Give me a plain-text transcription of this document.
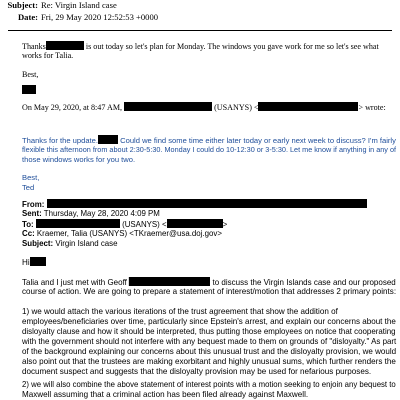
Subject: Re: Virgin Island case
Date: Fri, 29 May 2020 12:52:53 +0000
Thanks	is out today so let's plan for Monday. The windows you gave work for me so let's see what
works for Talia.
Best,
On May 29, 2020, at 8:47 AM,	(USANYS) <	> wrote:
Thanks for the update.	Could we find some time either later today or early next week to discuss? I'm fairly
flexible this afternoon from about 2:30-5:30. Monday I could do 10-12:30 or 3-5:30. Let me know if anything in any of
those windows works for you two.
Best,
Ted
From:
Sent: Thursday, May 28, 2020 4:09 PM
To:	(USANYS) <	>
Cc: Kraemer, Talia (USANYS) <TKraemer@usa.doj.gov>
Subject: Virgin Island case
Hi
Talia and I just met with Geoff	to discuss the Virgin Islands case and our proposed
course of action. We are going to prepare a statement of interest/motion that addresses 2 primary points:
1) we would attach the various iterations of the trust agreement that show the addition of
employees/beneficiaries over time, particularly since Epstein's arrest, and explain our concerns about the
disloyalty clause and how it should be interpreted, thus putting those employees on notice that cooperating
with the government should not interfere with any bequest made to them on grounds of "disloyalty." As part
of the background explaining our concerns about this unusual trust and the disloyalty provision, we would
also point out that the trustees are making exorbitant and highly unusual sums, which further renders the
document suspect and suggests that the disloyalty provision may be used for nefarious purposes.
2) we will also combine the above statement of interest points with a motion seeking to enjoin any bequest to
Maxwell assuming that a criminal action has been filed already against Maxwell.
